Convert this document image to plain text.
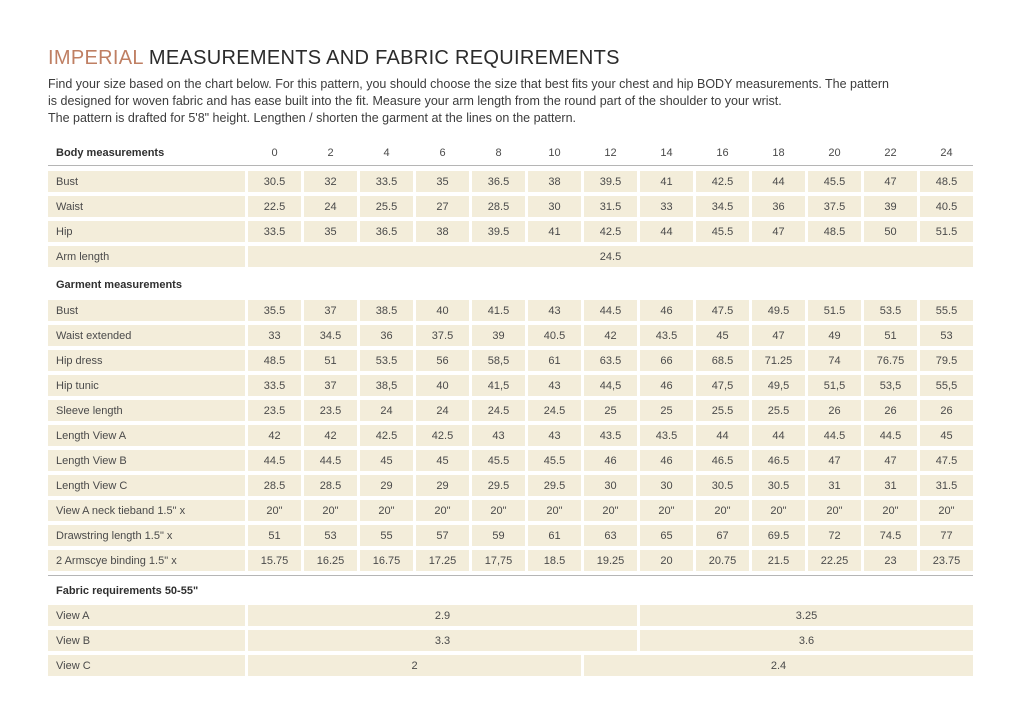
IMPERIAL MEASUREMENTS AND FABRIC REQUIREMENTS
Find your size based on the chart below. For this pattern, you should choose the size that best fits your chest and hip BODY measurements. The pattern
is designed for woven fabric and has ease built into the fit. Measure your arm length from the round part of the shoulder to your wrist.
The pattern is drafted for 5'8" height. Lengthen / shorten the garment at the lines on the pattern.
Body measurements	0	2	4	6	8	10	12	14	16	18	20	22	24
Bust	30.5	32	33.5	35	36.5	38	39.5	41	42.5	44	45.5	47	48.5
Waist	22.5	24	25.5	27	28.5	30	31.5	33	34.5	36	37.5	39	40.5
Hip	33.5	35	36.5	38	39.5	41	42.5	44	45.5	47	48.5	50	51.5
Arm length	24.5
Garment measurements
Bust	35.5	37	38.5	40	41.5	43	44.5	46	47.5	49.5	51.5	53.5	55.5
Waist extended	33	34.5	36	37.5	39	40.5	42	43.5	45	47	49	51	53
Hip dress	48.5	51	53.5	56	58,5	61	63.5	66	68.5	71.25	74	76.75	79.5
Hip tunic	33.5	37	38,5	40	41,5	43	44,5	46	47,5	49,5	51,5	53,5	55,5
Sleeve length	23.5	23.5	24	24	24.5	24.5	25	25	25.5	25.5	26	26	26
Length View A	42	42	42.5	42.5	43	43	43.5	43.5	44	44	44.5	44.5	45
Length View B	44.5	44.5	45	45	45.5	45.5	46	46	46.5	46.5	47	47	47.5
Length View C	28.5	28.5	29	29	29.5	29.5	30	30	30.5	30.5	31	31	31.5
View A neck tieband 1.5" x	20"	20"	20"	20"	20"	20"	20"	20"	20"	20"	20"	20"	20"
Drawstring length 1.5" x	51	53	55	57	59	61	63	65	67	69.5	72	74.5	77
2 Armscye binding 1.5" x	15.75	16.25	16.75	17.25	17,75	18.5	19.25	20	20.75	21.5	22.25	23	23.75
Fabric requirements 50-55"
View A	2.9	3.25
View B	3.3	3.6
View C	2	2.4
